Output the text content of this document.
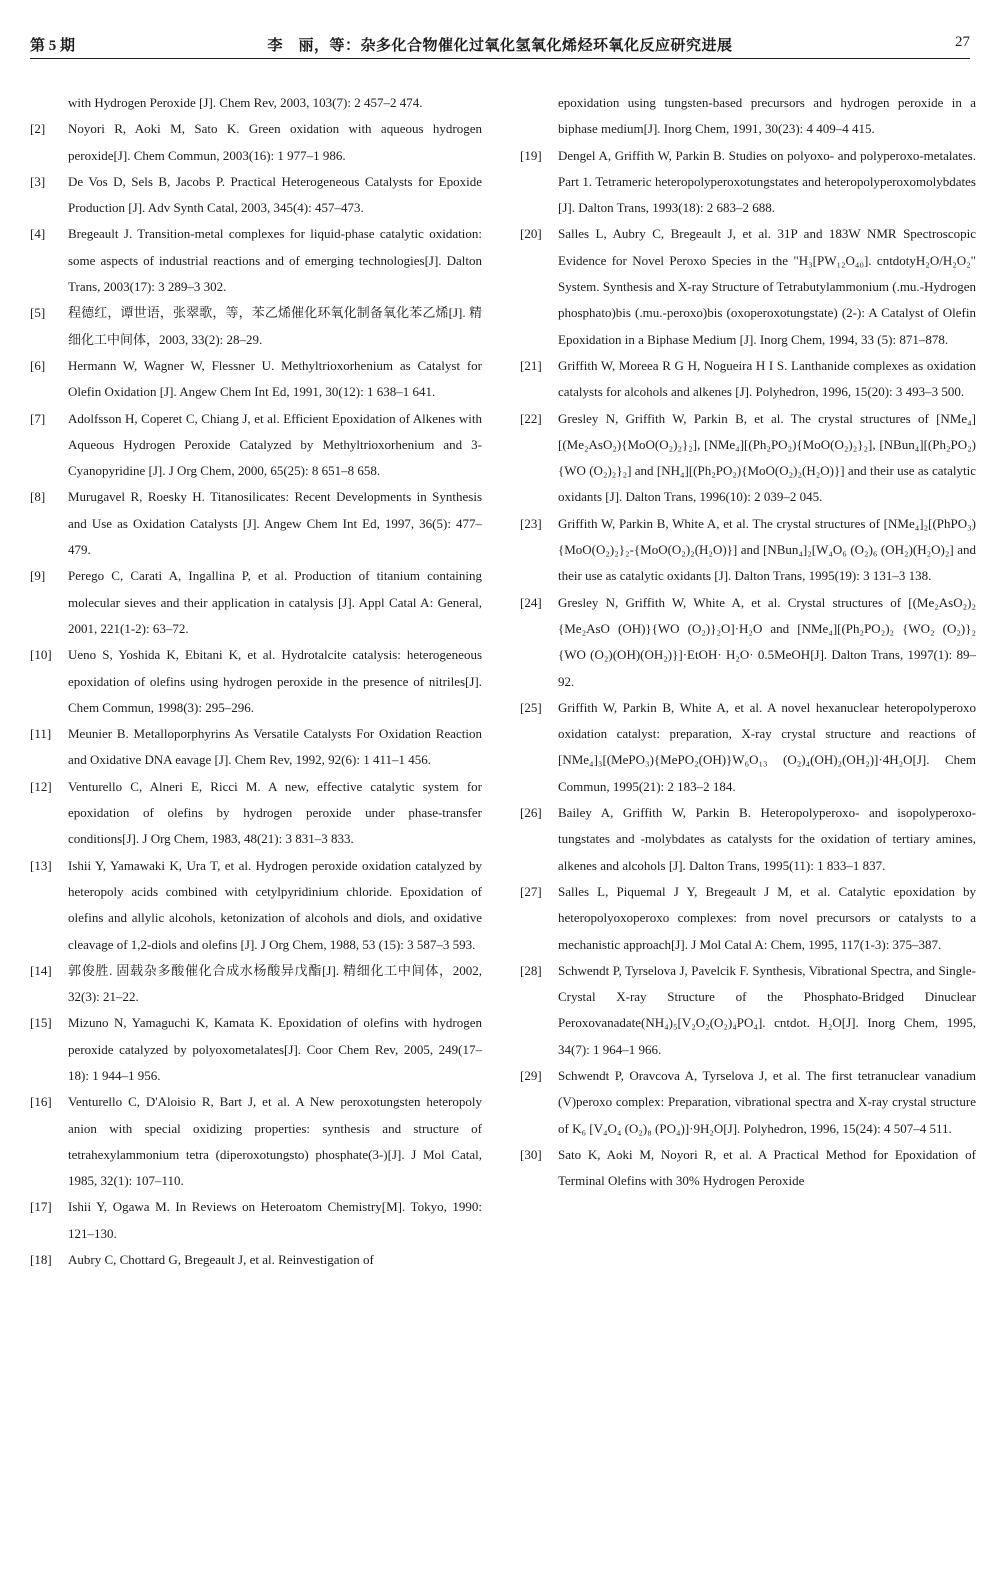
第 5 期	李　丽，等：杂多化合物催化过氧化氢氧化烯烃环氧化反应研究进展	27
with Hydrogen Peroxide [J]. Chem Rev, 2003, 103(7): 2 457–2 474.
[2]	Noyori R, Aoki M, Sato K. Green oxidation with aqueous hydrogen peroxide[J]. Chem Commun, 2003(16): 1 977–1 986.
[3]	De Vos D, Sels B, Jacobs P. Practical Heterogeneous Catalysts for Epoxide Production [J]. Adv Synth Catal, 2003, 345(4): 457–473.
[4]	Bregeault J. Transition-metal complexes for liquid-phase catalytic oxidation: some aspects of industrial reactions and of emerging technologies[J]. Dalton Trans, 2003(17): 3 289–3 302.
[5]	程德红，谭世语，张翠歌，等，苯乙烯催化环氧化制备氧化苯乙烯[J]. 精细化工中间体，2003, 33(2): 28–29.
[6]	Hermann W, Wagner W, Flessner U. Methyltrioxorhenium as Catalyst for Olefin Oxidation [J]. Angew Chem Int Ed, 1991, 30(12): 1 638–1 641.
[7]	Adolfsson H, Coperet C, Chiang J, et al. Efficient Epoxidation of Alkenes with Aqueous Hydrogen Peroxide Catalyzed by Methyltrioxorhenium and 3-Cyanopyridine [J]. J Org Chem, 2000, 65(25): 8 651–8 658.
[8]	Murugavel R, Roesky H. Titanosilicates: Recent Developments in Synthesis and Use as Oxidation Catalysts [J]. Angew Chem Int Ed, 1997, 36(5): 477–479.
[9]	Perego C, Carati A, Ingallina P, et al. Production of titanium containing molecular sieves and their application in catalysis [J]. Appl Catal A: General, 2001, 221(1-2): 63–72.
[10]	Ueno S, Yoshida K, Ebitani K, et al. Hydrotalcite catalysis: heterogeneous epoxidation of olefins using hydrogen peroxide in the presence of nitriles[J]. Chem Commun, 1998(3): 295–296.
[11]	Meunier B. Metalloporphyrins As Versatile Catalysts For Oxidation Reaction and Oxidative DNA eavage [J]. Chem Rev, 1992, 92(6): 1 411–1 456.
[12]	Venturello C, Alneri E, Ricci M. A new, effective catalytic system for epoxidation of olefins by hydrogen peroxide under phase-transfer conditions[J]. J Org Chem, 1983, 48(21): 3 831–3 833.
[13]	Ishii Y, Yamawaki K, Ura T, et al. Hydrogen peroxide oxidation catalyzed by heteropoly acids combined with cetylpyridinium chloride. Epoxidation of olefins and allylic alcohols, ketonization of alcohols and diols, and oxidative cleavage of 1,2-diols and olefins [J]. J Org Chem, 1988, 53 (15): 3 587–3 593.
[14]	郭俊胜. 固载杂多酸催化合成水杨酸异戊酯[J]. 精细化工中间体，2002, 32(3): 21–22.
[15]	Mizuno N, Yamaguchi K, Kamata K. Epoxidation of olefins with hydrogen peroxide catalyzed by polyoxometalates[J]. Coor Chem Rev, 2005, 249(17–18): 1 944–1 956.
[16]	Venturello C, D'Aloisio R, Bart J, et al. A New peroxotungsten heteropoly anion with special oxidizing properties: synthesis and structure of tetrahexylammonium tetra (diperoxotungsto) phosphate(3-)[J]. J Mol Catal, 1985, 32(1): 107–110.
[17]	Ishii Y, Ogawa M. In Reviews on Heteroatom Chemistry[M]. Tokyo, 1990: 121–130.
[18]	Aubry C, Chottard G, Bregeault J, et al. Reinvestigation of
epoxidation using tungsten-based precursors and hydrogen peroxide in a biphase medium[J]. Inorg Chem, 1991, 30(23): 4 409–4 415.
[19]	Dengel A, Griffith W, Parkin B. Studies on polyoxo- and polyperoxo-metalates. Part 1. Tetrameric heteropolyperoxotungstates and heteropolyperoxomolybdates [J]. Dalton Trans, 1993(18): 2 683–2 688.
[20]	Salles L, Aubry C, Bregeault J, et al. 31P and 183W NMR Spectroscopic Evidence for Novel Peroxo Species in the "H₃[PW₁₂O₄₀]. cntdotyH₂O/H₂O₂" System. Synthesis and X-ray Structure of Tetrabutylammonium (.mu.-Hydrogen phosphato)bis (.mu.-peroxo)bis (oxoperoxotungstate) (2-): A Catalyst of Olefin Epoxidation in a Biphase Medium [J]. Inorg Chem, 1994, 33 (5): 871–878.
[21]	Griffith W, Moreea R G H, Nogueira H I S. Lanthanide complexes as oxidation catalysts for alcohols and alkenes [J]. Polyhedron, 1996, 15(20): 3 493–3 500.
[22]	Gresley N, Griffith W, Parkin B, et al. The crystal structures of [NMe₄][(Me₂AsO₂){MoO(O₂)₂}₂], [NMe₄][(Ph₂PO₂){MoO(O₂)₂}₂], [NBun₄][(Ph₂PO₂){WO (O₂)₂}₂] and [NH₄][(Ph₂PO₂){MoO(O₂)₂(H₂O)}] and their use as catalytic oxidants [J]. Dalton Trans, 1996(10): 2 039–2 045.
[23]	Griffith W, Parkin B, White A, et al. The crystal structures of [NMe₄]₂[(PhPO₃){MoO(O₂)₂}₂-{MoO(O₂)₂(H₂O)}] and [NBun₄]₂[W₄O₆ (O₂)₆ (OH₂)(H₂O)₂] and their use as catalytic oxidants [J]. Dalton Trans, 1995(19): 3 131–3 138.
[24]	Gresley N, Griffith W, White A, et al. Crystal structures of [(Me₂AsO₂)₂ {Me₂AsO (OH)}{WO (O₂)}₂O]·H₂O and [NMe₄][(Ph₂PO₂)₂ {WO₂ (O₂)}₂ {WO (O₂)(OH)(OH₂)}]·EtOH· H₂O· 0.5MeOH[J]. Dalton Trans, 1997(1): 89–92.
[25]	Griffith W, Parkin B, White A, et al. A novel hexanuclear heteropolyperoxo oxidation catalyst: preparation, X-ray crystal structure and reactions of [NMe₄]₃[(MePO₃){MePO₂(OH)}W₆O₁₃ (O₂)₄(OH)₂(OH₂)]·4H₂O[J]. Chem Commun, 1995(21): 2 183–2 184.
[26]	Bailey A, Griffith W, Parkin B. Heteropolyperoxo- and isopolyperoxo-tungstates and -molybdates as catalysts for the oxidation of tertiary amines, alkenes and alcohols [J]. Dalton Trans, 1995(11): 1 833–1 837.
[27]	Salles L, Piquemal J Y, Bregeault J M, et al. Catalytic epoxidation by heteropolyoxoperoxo complexes: from novel precursors or catalysts to a mechanistic approach[J]. J Mol Catal A: Chem, 1995, 117(1-3): 375–387.
[28]	Schwendt P, Tyrselova J, Pavelcik F. Synthesis, Vibrational Spectra, and Single-Crystal X-ray Structure of the Phosphato-Bridged Dinuclear Peroxovanadate(NH₄)₅[V₂O₂(O₂)₄PO₄]. cntdot. H₂O[J]. Inorg Chem, 1995, 34(7): 1 964–1 966.
[29]	Schwendt P, Oravcova A, Tyrselova J, et al. The first tetranuclear vanadium (V)peroxo complex: Preparation, vibrational spectra and X-ray crystal structure of K₆ [V₄O₄ (O₂)₈ (PO₄)]·9H₂O[J]. Polyhedron, 1996, 15(24): 4 507–4 511.
[30]	Sato K, Aoki M, Noyori R, et al. A Practical Method for Epoxidation of Terminal Olefins with 30% Hydrogen Peroxide
